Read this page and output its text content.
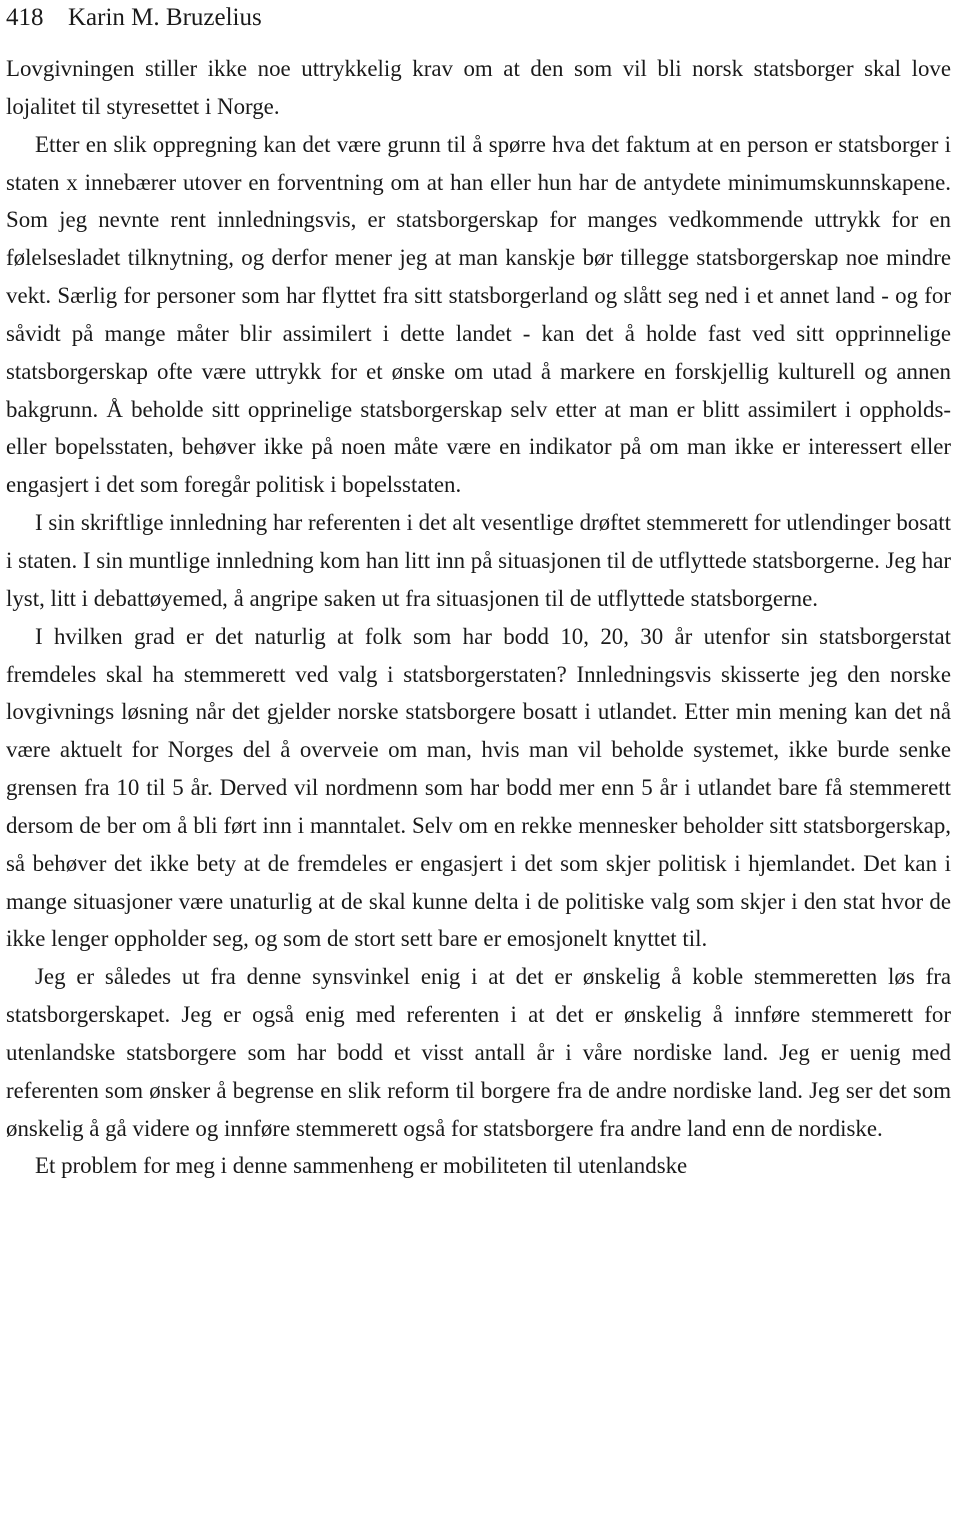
418 Karin M. Bruzelius

Lovgivningen stiller ikke noe uttrykkelig krav om at den som vil bli norsk statsborger skal love lojalitet til styresettet i Norge.

Etter en slik oppregning kan det være grunn til å spørre hva det faktum at en person er statsborger i staten x innebærer utover en forventning om at han eller hun har de antydete minimumskunnskapene. Som jeg nevnte rent innledningsvis, er statsborgerskap for manges vedkommende uttrykk for en følelsesladet tilknytning, og derfor mener jeg at man kanskje bør tillegge statsborgerskap noe mindre vekt. Særlig for personer som har flyttet fra sitt statsborgerland og slått seg ned i et annet land - og for såvidt på mange måter blir assimilert i dette landet - kan det å holde fast ved sitt opprinnelige statsborgerskap ofte være uttrykk for et ønske om utad å markere en forskjellig kulturell og annen bakgrunn. Å beholde sitt opprinelige statsborgerskap selv etter at man er blitt assimilert i oppholds- eller bopelsstaten, behøver ikke på noen måte være en indikator på om man ikke er interessert eller engasjert i det som foregår politisk i bopelsstaten.

I sin skriftlige innledning har referenten i det alt vesentlige drøftet stemmerett for utlendinger bosatt i staten. I sin muntlige innledning kom han litt inn på situasjonen til de utflyttede statsborgerne. Jeg har lyst, litt i debattøyemed, å angripe saken ut fra situasjonen til de utflyttede statsborgerne.

I hvilken grad er det naturlig at folk som har bodd 10, 20, 30 år utenfor sin statsborgerstat fremdeles skal ha stemmerett ved valg i statsborgerstaten? Innledningsvis skisserte jeg den norske lovgivnings løsning når det gjelder norske statsborgere bosatt i utlandet. Etter min mening kan det nå være aktuelt for Norges del å overveie om man, hvis man vil beholde systemet, ikke burde senke grensen fra 10 til 5 år. Derved vil nordmenn som har bodd mer enn 5 år i utlandet bare få stemmerett dersom de ber om å bli ført inn i manntalet. Selv om en rekke mennesker beholder sitt statsborgerskap, så behøver det ikke bety at de fremdeles er engasjert i det som skjer politisk i hjemlandet. Det kan i mange situasjoner være unaturlig at de skal kunne delta i de politiske valg som skjer i den stat hvor de ikke lenger oppholder seg, og som de stort sett bare er emosjonelt knyttet til.

Jeg er således ut fra denne synsvinkel enig i at det er ønskelig å koble stemmeretten løs fra statsborgerskapet. Jeg er også enig med referenten i at det er ønskelig å innføre stemmerett for utenlandske statsborgere som har bodd et visst antall år i våre nordiske land. Jeg er uenig med referenten som ønsker å begrense en slik reform til borgere fra de andre nordiske land. Jeg ser det som ønskelig å gå videre og innføre stemmerett også for statsborgere fra andre land enn de nordiske.

Et problem for meg i denne sammenheng er mobiliteten til utenlandske
